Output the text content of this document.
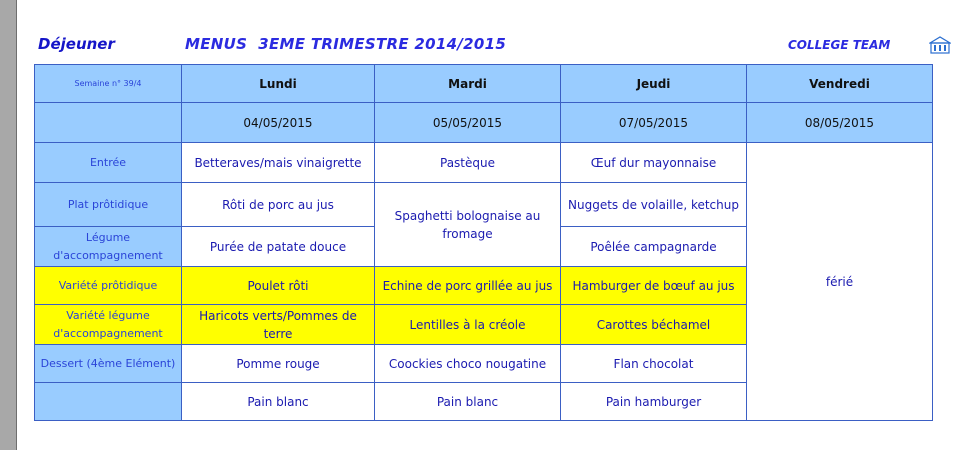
Déjeuner	MENUS  3EME TRIMESTRE 2014/2015	COLLEGE TEAM
Semaine n° 39/4	Lundi	Mardi	Jeudi	Vendredi
	04/05/2015	05/05/2015	07/05/2015	08/05/2015
Entrée	Betteraves/mais vinaigrette	Pastèque	Œuf dur mayonnaise	férié
Plat prôtidique	Rôti de porc au jus	Spaghetti bolognaise au fromage	Nuggets de volaille, ketchup	
Légume d'accompagnement	Purée de patate douce		Poêlée campagnarde	
Variété prôtidique	Poulet rôti	Echine de porc grillée au jus	Hamburger de bœuf au jus	
Variété légume d'accompagnement	Haricots verts/Pommes de terre	Lentilles à la créole	Carottes béchamel	
Dessert (4ème Elément)	Pomme rouge	Coockies choco nougatine	Flan chocolat	
	Pain blanc	Pain blanc	Pain hamburger	
